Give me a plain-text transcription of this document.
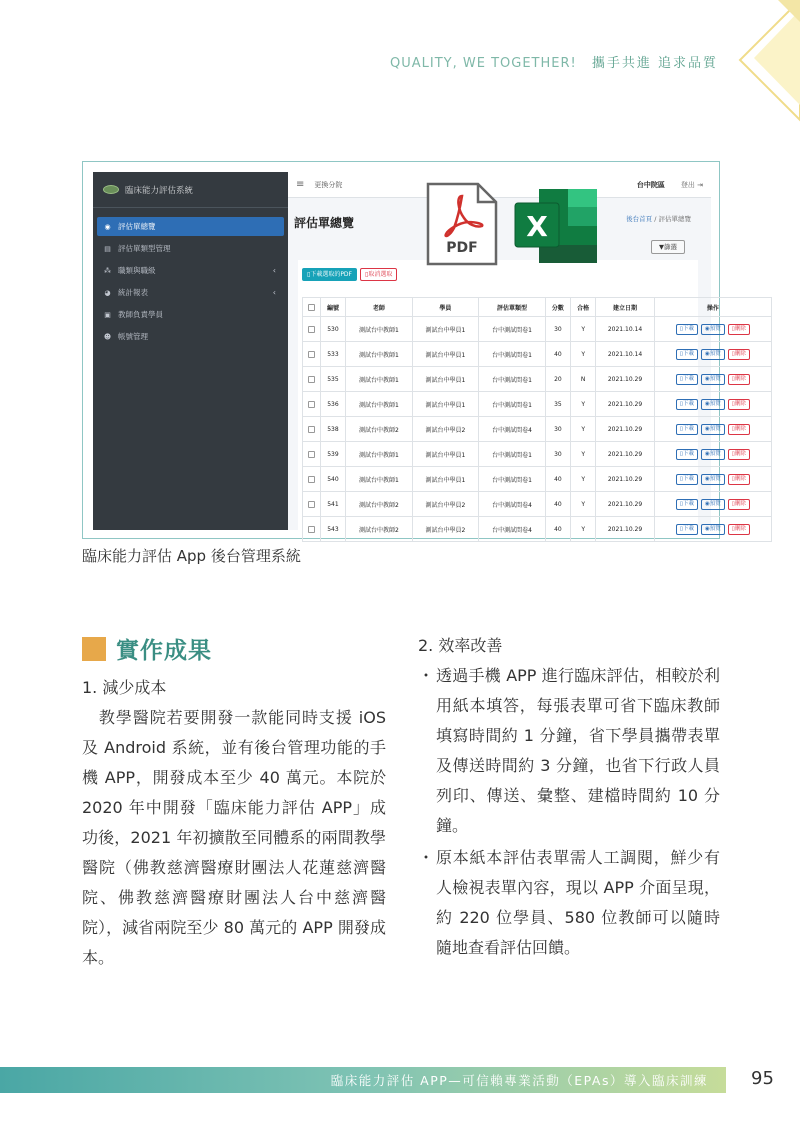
QUALITY, WE TOGETHER! 攜手共進 追求品質
臨床能力評估系統
◉ 評估單總覽
▤ 評估單類型管理
⁂ 職類與職級	‹
◕ 統計報表	‹
▣ 教師負責學員
☻ 帳號管理
≡ 更換分院	台中院區 登出 ⇥
評估單總覽	後台首頁 / 評估單總覽
▼篩選
▯下載選取的PDF	▯取消選取
	編號	老師	學員	評估單類型	分數	合格	建立日期	操作
	530	測試台中教師1	測試台中學員1	台中測試問卷1	30	Y	2021.10.14	▯下載 ◉預覽 ▯刪除

	533	測試台中教師1	測試台中學員1	台中測試問卷1	40	Y	2021.10.14	▯下載 ◉預覽 ▯刪除

	535	測試台中教師1	測試台中學員1	台中測試問卷1	20	N	2021.10.29	▯下載 ◉預覽 ▯刪除

	536	測試台中教師1	測試台中學員1	台中測試問卷1	35	Y	2021.10.29	▯下載 ◉預覽 ▯刪除

	538	測試台中教師2	測試台中學員2	台中測試問卷4	30	Y	2021.10.29	▯下載 ◉預覽 ▯刪除

	539	測試台中教師1	測試台中學員1	台中測試問卷1	30	Y	2021.10.29	▯下載 ◉預覽 ▯刪除

	540	測試台中教師1	測試台中學員1	台中測試問卷1	40	Y	2021.10.29	▯下載 ◉預覽 ▯刪除

	541	測試台中教師2	測試台中學員2	台中測試問卷4	40	Y	2021.10.29	▯下載 ◉預覽 ▯刪除

	543	測試台中教師2	測試台中學員2	台中測試問卷4	40	Y	2021.10.29	▯下載 ◉預覽 ▯刪除
PDF
X
臨床能力評估 App 後台管理系統
實作成果
1. 減少成本

　教學醫院若要開發一款能同時支援 iOS 及 Android 系統，並有後台管理功能的手機 APP，開發成本至少 40 萬元。本院於 2020 年中開發「臨床能力評估 APP」成功後，2021 年初擴散至同體系的兩間教學醫院（佛教慈濟醫療財團法人花蓮慈濟醫院、佛教慈濟醫療財團法人台中慈濟醫院），減省兩院至少 80 萬元的 APP 開發成本。

2. 效率改善
・ 透過手機 APP 進行臨床評估，相較於利用紙本填答，每張表單可省下臨床教師填寫時間約 1 分鐘，省下學員攜帶表單及傳送時間約 3 分鐘，也省下行政人員列印、傳送、彙整、建檔時間約 10 分鐘。
・ 原本紙本評估表單需人工調閱，鮮少有人檢視表單內容，現以 APP 介面呈現，約 220 位學員、580 位教師可以隨時隨地查看評估回饋。
臨床能力評估 APP—可信賴專業活動（EPAs）導入臨床訓練 95
